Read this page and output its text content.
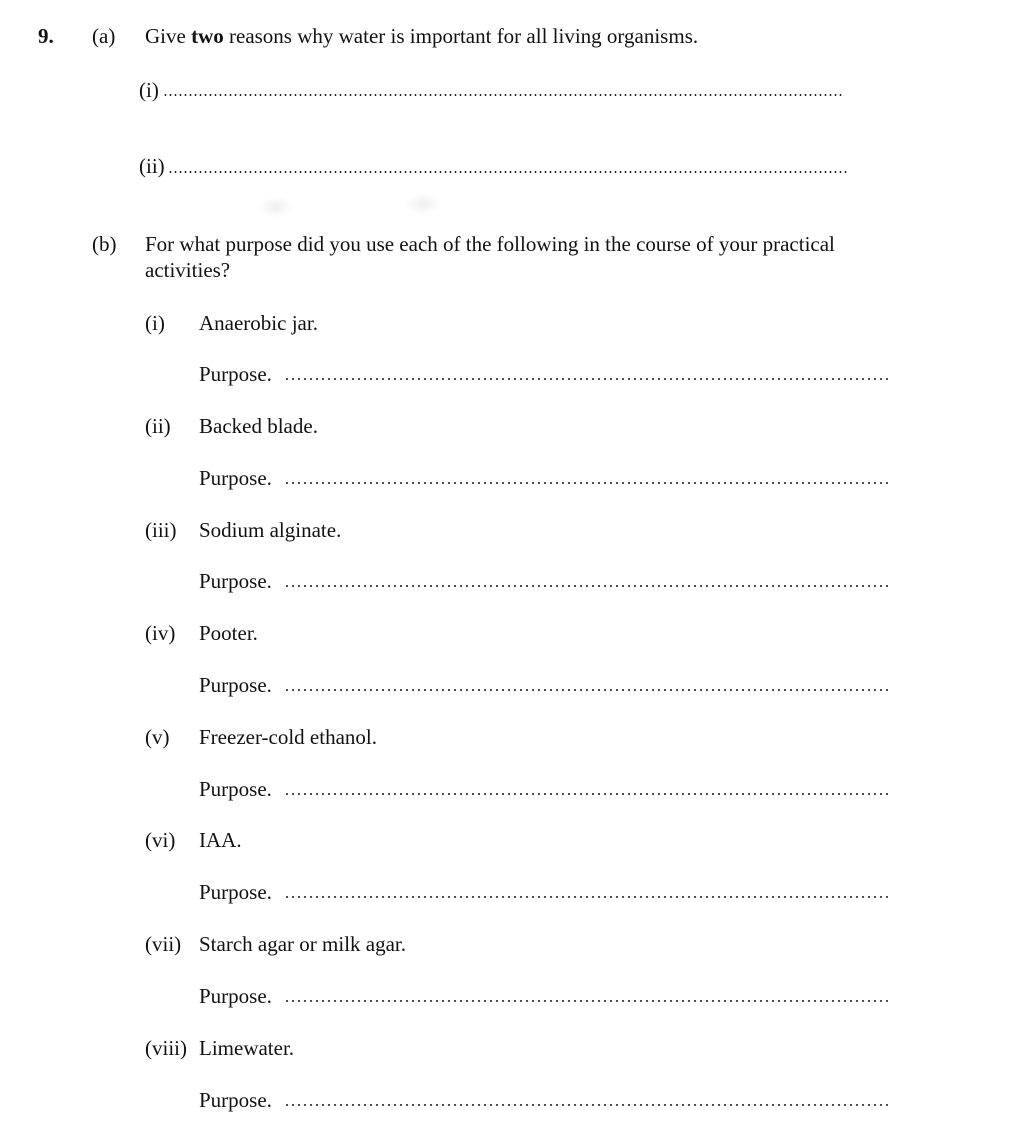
9. (a) Give two reasons why water is important for all living organisms.
(i)
(ii)
(b) For what purpose did you use each of the following in the course of your practical
activities?
(i) Anaerobic jar.
Purpose.
(ii) Backed blade.
Purpose.
(iii) Sodium alginate.
Purpose.
(iv) Pooter.
Purpose.
(v) Freezer-cold ethanol.
Purpose.
(vi) IAA.
Purpose.
(vii) Starch agar or milk agar.
Purpose.
(viii) Limewater.
Purpose.
